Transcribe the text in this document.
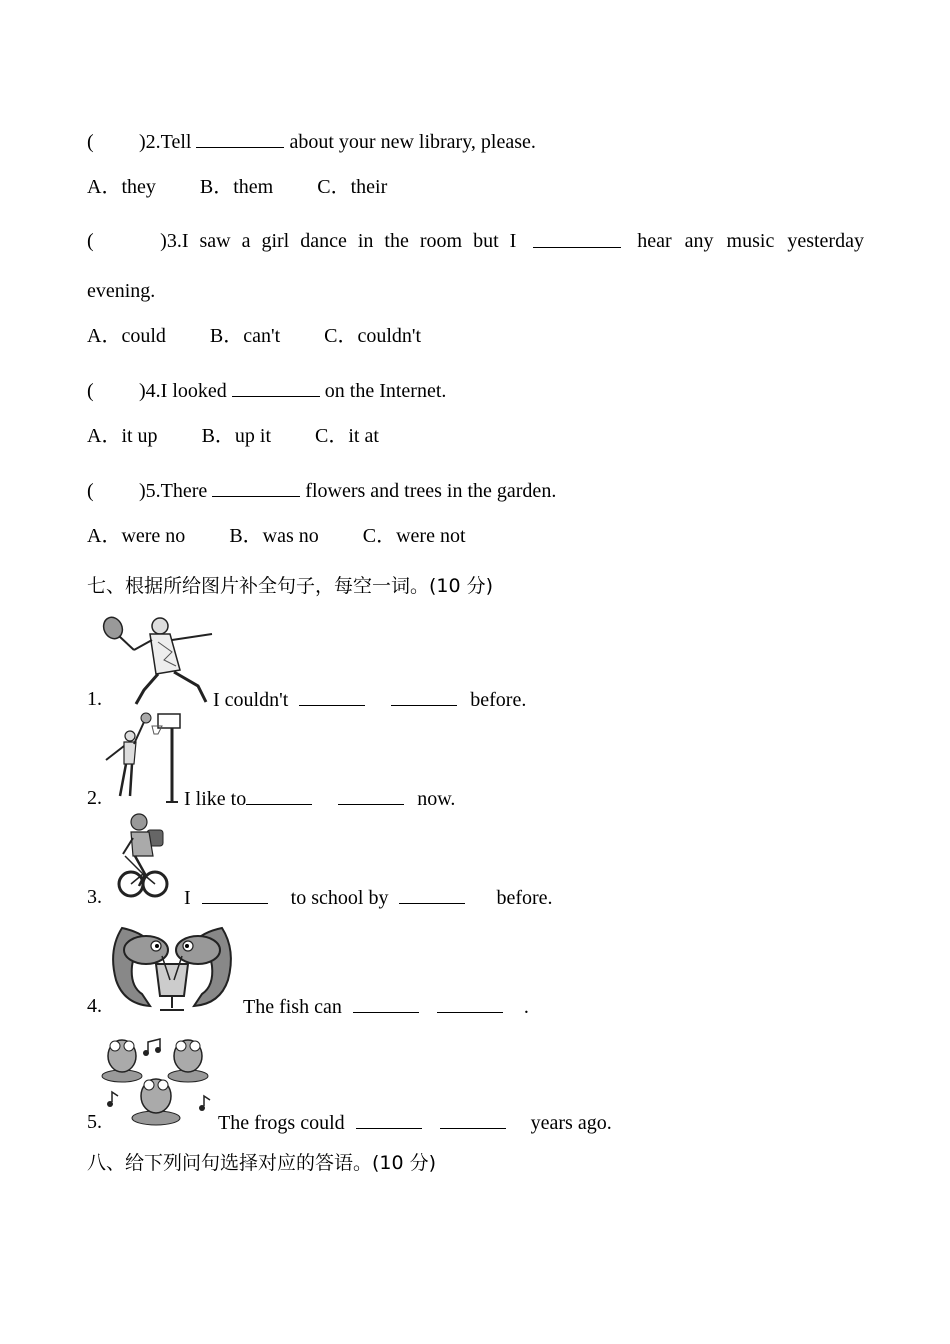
( )2.Tell	about your new library, please.
A．they B．them C．their
(	)3.I saw a girl dance in the room but I	hear any music yesterday
evening.
A．could B．can't C．couldn't
( )4.I looked	on the Internet.
A．it up B．up it C．it at
( )5.There	flowers and trees in the garden.
A．were no B．was no C．were not
七、根据所给图片补全句子，每空一词。(10 分)
1.	I couldn't	before.
2.	I like to	now.
3.	I	to school by	before.
4.	The fish can	.
5.	The frogs could	years ago.
八、给下列问句选择对应的答语。(10 分)
